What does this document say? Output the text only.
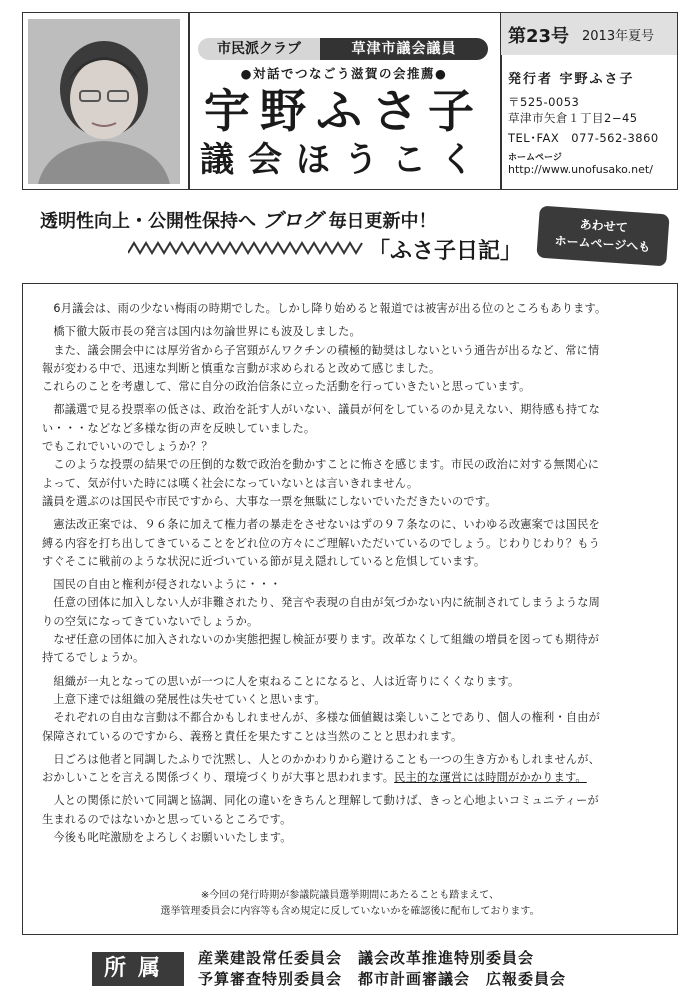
市民派クラブ	草津市議会議員
●対話でつなごう滋賀の会推薦●
宇野ふさ子
議会ほうこく
第23号 2013年夏号
発行者 宇野ふさ子
〒525-0053
草津市矢倉１丁目2−45
TEL･FAX　077-562-3860
ホームページ
http://www.unofusako.net/
透明性向上・公開性保持へ ブログ 毎日更新中！
「ふさ子日記」
あわせて
ホームページへも

　6月議会は、雨の少ない梅雨の時期でした。しかし降り始めると報道では被害が出る位のところもあります。

　橋下徹大阪市長の発言は国内は勿論世界にも波及しました。
　また、議会開会中には厚労省から子宮頸がんワクチンの積極的勧奨はしないという通告が出るなど、常に情
報が変わる中で、迅速な判断と慎重な言動が求められると改めて感じました。
これらのことを考慮して、常に自分の政治信条に立った活動を行っていきたいと思っています。

　都議選で見る投票率の低さは、政治を託す人がいない、議員が何をしているのか見えない、期待感も持てな
い・・・などなど多様な街の声を反映していました。
でもこれでいいのでしょうか？？
　このような投票の結果での圧倒的な数で政治を動かすことに怖さを感じます。市民の政治に対する無関心に
よって、気が付いた時には嘆く社会になっていないとは言いきれません。
議員を選ぶのは国民や市民ですから、大事な一票を無駄にしないでいただきたいのです。

　憲法改正案では、９６条に加えて権力者の暴走をさせないはずの９７条なのに、いわゆる改憲案では国民を
縛る内容を打ち出してきていることをどれ位の方々にご理解いただいているのでしょう。じわりじわり？もう
すぐそこに戦前のような状況に近づいている節が見え隠れしていると危惧しています。

　国民の自由と権利が侵されないように・・・
　任意の団体に加入しない人が非難されたり、発言や表現の自由が気づかない内に統制されてしまうような周
りの空気になってきていないでしょうか。
　なぜ任意の団体に加入されないのか実態把握し検証が要ります。改革なくして組織の増員を図っても期待が
持てるでしょうか。

　組織が一丸となっての思いが一つに人を束ねることになると、人は近寄りにくくなります。
　上意下達では組織の発展性は失せていくと思います。
　それぞれの自由な言動は不都合かもしれませんが、多様な価値観は楽しいことであり、個人の権利・自由が
保障されているのですから、義務と責任を果たすことは当然のことと思われます。

　日ごろは他者と同調したふりで沈黙し、人とのかかわりから避けることも一つの生き方かもしれませんが、
おかしいことを言える関係づくり、環境づくりが大事と思われます。民主的な運営には時間がかかります。

　人との関係に於いて同調と協調、同化の違いをきちんと理解して動けば、きっと心地よいコミュニティーが
生まれるのではないかと思っているところです。
　今後も叱咤激励をよろしくお願いいたします。

※今回の発行時期が参議院議員選挙期間にあたることも踏まえて、
選挙管理委員会に内容等も含め規定に反していないかを確認後に配布しております。
所属	産業建設常任委員会　議会改革推進特別委員会
予算審査特別委員会　都市計画審議会　広報委員会
